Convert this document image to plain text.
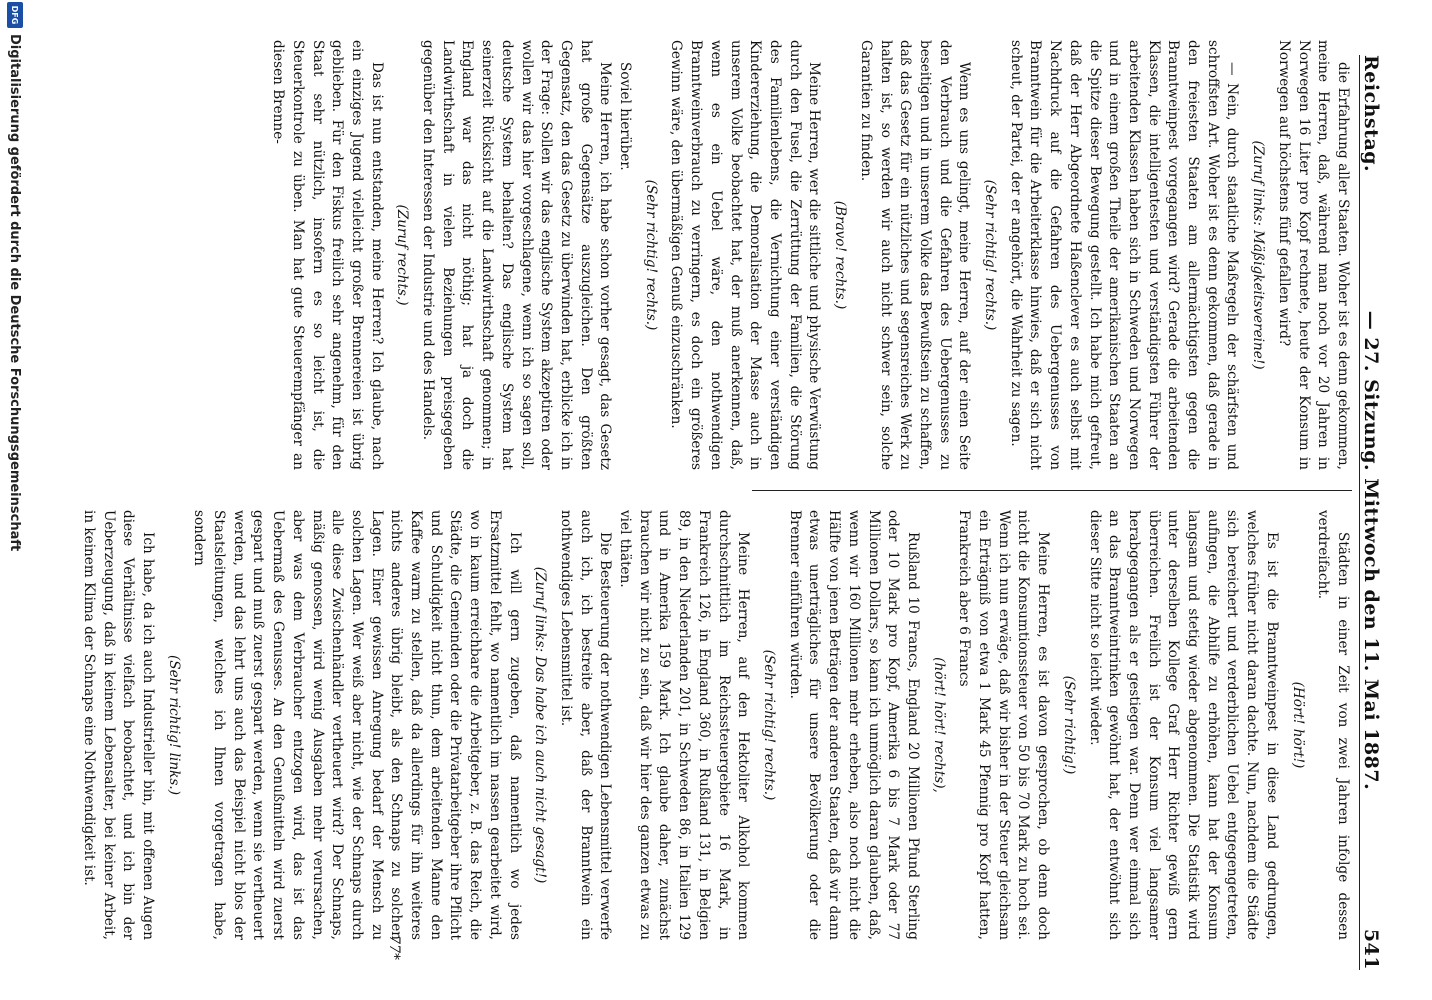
Reichstag.
— 27. Sitzung. Mittwoch den 11. Mai 1887.
541

die Erfahrung aller Staaten. Woher ist es denn gekommen, meine Herren, daß, während man noch vor 20 Jahren in Norwegen 16 Liter pro Kopf rechnete, heute der Konsum in Norwegen auf höchstens fünf gefallen wird?

(Zuruf links: Mäßigkeitsvereine!)

— Nein, durch staatliche Maßregeln der schärfsten und schroffsten Art. Woher ist es denn gekommen, daß gerade in den freiesten Staaten am allermächtigsten gegen die Branntweinpest vorgegangen wird? Gerade die arbeitenden Klassen, die intelligentesten und verständigsten Führer der arbeitenden Klassen haben sich in Schweden und Norwegen und in einem großen Theile der amerikanischen Staaten an die Spitze dieser Bewegung gestellt. Ich habe mich gefreut, daß der Herr Abgeordnete Haßenclever es auch selbst mit Nachdruck auf die Gefahren des Uebergenusses von Branntwein für die Arbeiterklasse hinwies, daß er sich nicht scheut, der Partei, der er angehört, die Wahrheit zu sagen.

(Sehr richtig! rechts.)

Wenn es uns gelingt, meine Herren, auf der einen Seite den Verbrauch und die Gefahren des Uebergenusses zu beseitigen und in unserem Volke das Bewußtsein zu schaffen, daß das Gesetz für ein nützliches und segensreiches Werk zu halten ist, so werden wir auch nicht schwer sein, solche Garantien zu finden.

(Bravo! rechts.)

Meine Herren, wer die sittliche und physische Verwüstung durch den Fusel, die Zerrüttung der Familien, die Störung des Familienlebens, die Vernichtung einer verständigen Kindererziehung, die Demoralisation der Masse auch in unserem Volke beobachtet hat, der muß anerkennen, daß, wenn es ein Uebel wäre, den nothwendigen Branntweinverbrauch zu verringern, es doch ein größeres Gewinn wäre, den übermäßigen Genuß einzuschränken.

(Sehr richtig! rechts.)

Soviel hierüber.

Meine Herren, ich habe schon vorher gesagt, das Gesetz hat große Gegensätze auszugleichen. Den größten Gegensatz, den das Gesetz zu überwinden hat, erblicke ich in der Frage: Sollen wir das englische System akzeptiren oder wollen wir das hier vorgeschlagene, wenn ich so sagen soll, deutsche System behalten? Das englische System hat seinerzeit Rücksicht auf die Landwirthschaft genommen; in England war das nicht nöthig; hat ja doch die Landwirthschaft in vielen Beziehungen preisgegeben gegenüber den Interessen der Industrie und des Handels.

(Zuruf rechts.)

Das ist nun entstanden, meine Herren? Ich glaube, nach ein einziges Jugend vielleicht großer Brennereien ist übrig geblieben. Für den Fiskus freilich sehr angenehm, für den Staat sehr nützlich, insofern es so leicht ist, die Steuerkontrole zu üben. Man hat gute Steuerempfänger an diesen Brenne-

Städten in einer Zeit von zwei Jahren infolge dessen verdreifacht.

(Hört! hört!)

Es ist die Branntweinpest in diese Land gedrungen, welches früher nicht daran dachte. Nun, nachdem die Städte sich bereichert und verderblichen Uebel entgegengetreten, aufingen, die Abhilfe zu erhöhen, kann hat der Konsum langsam und stetig wieder abgenommen. Die Statistik wird unter derselben Kollege Graf Herr Richter gewiß gern überreichen. Freilich ist der Konsum viel langsamer herabgegangen als er gestiegen war. Denn wer einmal sich an das Branntweintrinken gewöhnt hat, der entwöhnt sich dieser Sitte nicht so leicht wieder.

(Sehr richtig!)

Meine Herren, es ist davon gesprochen, ob denn doch nicht die Konsumtionssteuer von 50 bis 70 Mark zu hoch sei. Wenn ich nun erwäge, daß wir bisher in der Steuer gleichsam ein Erträgniß von etwa 1 Mark 45 Pfennig pro Kopf hatten, Frankreich aber 6 Francs

(hört! hört! rechts),

Rußland 10 Francs, England 20 Millionen Pfund Sterling oder 10 Mark pro Kopf, Amerika 6 bis 7 Mark oder 77 Millionen Dollars, so kann ich unmöglich daran glauben, daß, wenn wir 160 Millionen mehr erheben, also noch nicht die Hälfte von jenen Beträgen der anderen Staaten, daß wir dann etwas unerträgliches für unsere Bevölkerung oder die Brenner einführen würden.

(Sehr richtig! rechts.)

Meine Herren, auf den Hektoliter Alkohol kommen durchschnittlich im Reichssteuergebiete 16 Mark, in Frankreich 126, in England 360, in Rußland 131, in Belgien 89, in den Niederlanden 201, in Schweden 86, in Italien 129 und in Amerika 159 Mark. Ich glaube daher, zunächst brauchen wir nicht zu sein, daß wir hier des ganzen etwas zu viel thäten.

Die Besteuerung der nothwendigen Lebensmittel verwerfe auch ich, ich bestreite aber, daß der Branntwein ein nothwendiges Lebensmittel ist.

(Zuruf links: Das habe ich auch nicht gesagt!)

Ich will gern zugeben, daß namentlich wo jedes Ersatzmittel fehlt, wo namentlich im nassen gearbeitet wird, wo in kaum erreichbare die Arbeitgeber, z. B. das Reich, die Städte, die Gemeinden oder die Privatarbeitgeber ihre Pflicht und Schuldigkeit nicht thun, dem arbeitenden Manne den Kaffee warm zu stellen, daß da allerdings für ihn weiteres nichts anderes übrig bleibt, als den Schnaps zu solchen Lagen. Einer gewissen Anregung bedarf der Mensch zu solchen Lagen. Wer weiß aber nicht, wie der Schnaps durch alle diese Zwischenhändler vertheuert wird? Der Schnaps, mäßig genossen, wird wenig Ausgaben mehr verursachen, aber was dem Verbraucher entzogen wird, das ist das Uebermaß des Genusses. An den Genußmitteln wird zuerst gespart und muß zuerst gespart werden, wenn sie vertheuert werden, und das lehrt uns auch das Beispiel nicht blos der Staatsleitungen, welches ich Ihnen vorgetragen habe, sondern

(Sehr richtig! links.)

Ich habe, da ich auch Industrieller bin, mit offenen Augen diese Verhältnisse vielfach beobachtet, und ich bin der Ueberzeugung, daß in keinem Lebensalter, bei keiner Arbeit, in keinem Klima der Schnaps eine Nothwendigkeit ist.

77*
DFG
Digitalisierung gefördert durch die Deutsche Forschungsgemeinschaft
